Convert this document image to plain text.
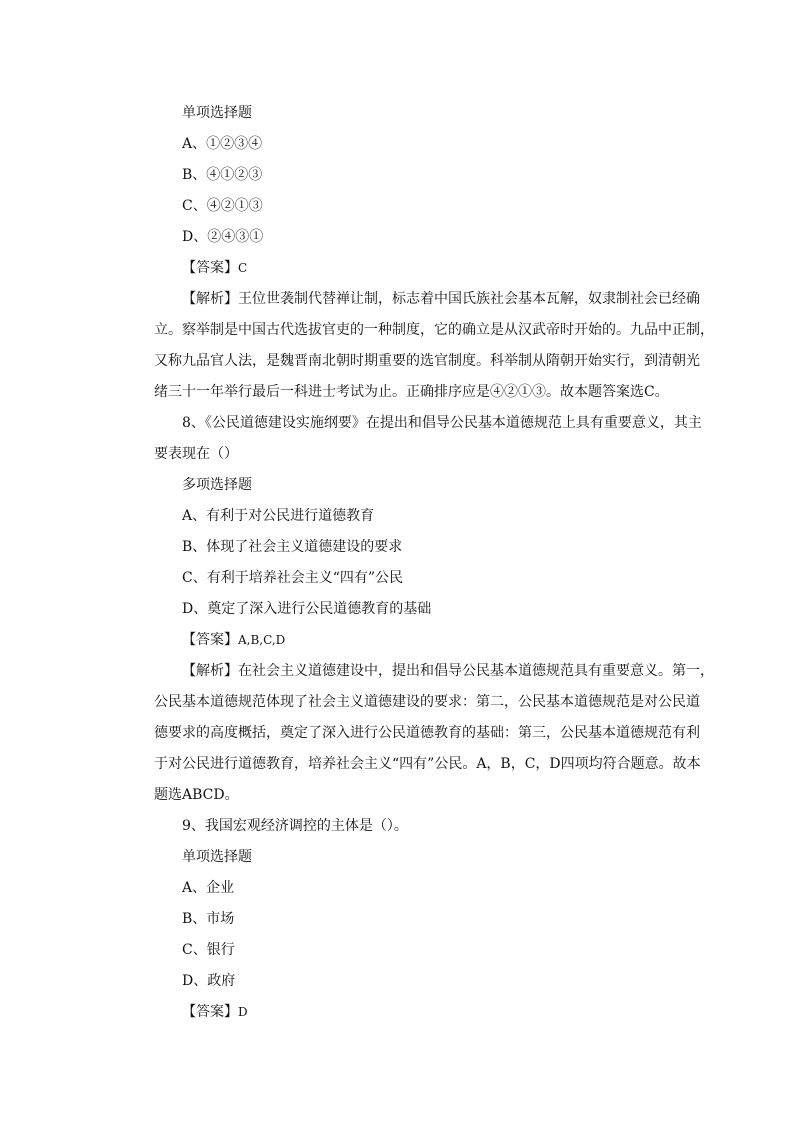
单项选择题
A、①②③④
B、④①②③
C、④②①③
D、②④③①
【答案】C
【解析】王位世袭制代替禅让制，标志着中国氏族社会基本瓦解，奴隶制社会已经确
立。察举制是中国古代选拔官吏的一种制度，它的确立是从汉武帝时开始的。九品中正制，
又称九品官人法，是魏晋南北朝时期重要的选官制度。科举制从隋朝开始实行，到清朝光
绪三十一年举行最后一科进士考试为止。正确排序应是④②①③。故本题答案选C。
8、《公民道德建设实施纲要》在提出和倡导公民基本道德规范上具有重要意义，其主
要表现在（）
多项选择题
A、有利于对公民进行道德教育
B、体现了社会主义道德建设的要求
C、有利于培养社会主义“四有”公民
D、奠定了深入进行公民道德教育的基础
【答案】A,B,C,D
【解析】在社会主义道德建设中，提出和倡导公民基本道德规范具有重要意义。第一，
公民基本道德规范体现了社会主义道德建设的要求：第二，公民基本道德规范是对公民道
德要求的高度概括，奠定了深入进行公民道德教育的基础：第三，公民基本道德规范有利
于对公民进行道德教育，培养社会主义“四有”公民。A，B，C，D四项均符合题意。故本
题选ABCD。
9、我国宏观经济调控的主体是（）。
单项选择题
A、企业
B、市场
C、银行
D、政府
【答案】D
